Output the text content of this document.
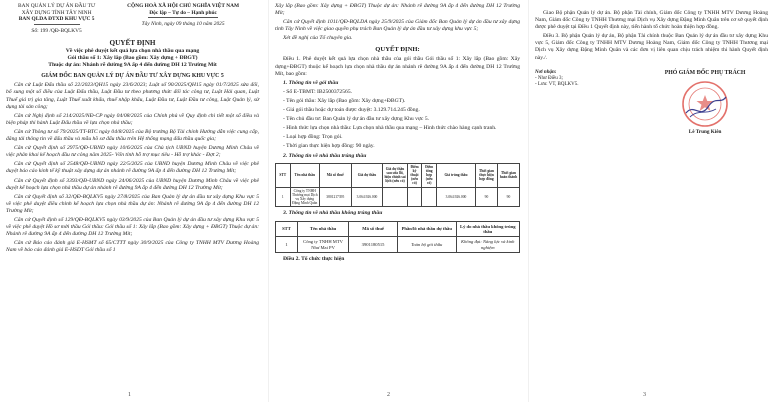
BAN QUẢN LÝ DỰ ÁN ĐẦU TƯ
XÂY DỰNG TỈNH TÂY NINH
BAN QLDA ĐTXD KHU VỰC 5
Số: 199 /QĐ-BQLKV5
CỘNG HOÀ XÃ HỘI CHỦ NGHĨA VIỆT NAM
Độc lập – Tự do – Hạnh phúc
Tây Ninh, ngày 09 tháng 10 năm 2025
QUYẾT ĐỊNH
Về việc phê duyệt kết quả lựa chọn nhà thầu qua mạng
Gói thầu số 1: Xây lắp (Bao gồm: Xây dựng + ĐBGT)
Thuộc dự án: Nhánh rẽ đường 9A ấp 4 đến đường DH 12 Trường Mít
GIÁM ĐỐC BAN QUẢN LÝ DỰ ÁN ĐẦU TƯ XÂY DỰNG KHU VỰC 5

Căn cứ Luật Đấu thầu số 22/2023/QH15 ngày 23/6/2023; Luật số 90/2025/QH15 ngày 01/7/2025 sửa đổi, bổ sung một số điều của Luật Đấu thầu, Luật Đầu tư theo phương thức đối tác công tư, Luật Hải quan, Luật Thuế giá trị gia tăng, Luật Thuế xuất khẩu, thuế nhập khẩu, Luật Đầu tư, Luật Đầu tư công, Luật Quản lý, sử dụng tài sản công;

Căn cứ Nghị định số 214/2025/NĐ-CP ngày 04/08/2025 của Chính phủ về Quy định chi tiết một số điều và biện pháp thi hành Luật Đấu thầu về lựa chọn nhà thầu;

Căn cứ Thông tư số 79/2025/TT-BTC ngày 04/8/2025 của Bộ trưởng Bộ Tài chính Hướng dẫn việc cung cấp, đăng tải thông tin về đấu thầu và mẫu hồ sơ đấu thầu trên Hệ thống mạng đấu thầu quốc gia;

Căn cứ Quyết định số 2975/QĐ-UBND ngày 10/6/2025 của Chủ tịch UBND huyện Dương Minh Châu về việc phân khai kế hoạch đầu tư công năm 2025- Vốn tỉnh hỗ trợ mục tiêu - Hỗ trợ khác - Đợt 2;

Căn cứ Quyết định số 2548/QĐ-UBND ngày 22/5/2025 của UBND huyện Dương Minh Châu về việc phê duyệt báo cáo kinh tế kỹ thuật xây dựng dự án nhánh rẽ đường 9A ấp 4 đến đường DH 12 Trường Mít;

Căn cứ Quyết định số 3393/QĐ-UBND ngày 24/06/2025 của UBND huyện Dương Minh Châu về việc phê duyệt kế hoạch lựa chọn nhà thầu dự án nhánh rẽ đường 9A ấp 4 đến đường DH 12 Trường Mít;

Căn cứ Quyết định số 32/QĐ-BQLKV5 ngày 27/8/2025 của Ban Quản lý dự án đầu tư xây dựng Khu vực 5 về việc phê duyệt điều chỉnh kế hoạch lựa chọn nhà thầu dự án: Nhánh rẽ đường 9A ấp 4 đến đường DH 12 Trường Mít;

Căn cứ Quyết định số 129/QĐ-BQLKV5 ngày 03/9/2025 của Ban Quản lý dự án đầu tư xây dựng Khu vực 5 về việc phê duyệt Hồ sơ mời thầu Gói thầu: Gói thầu số 1: Xây lắp (Bao gồm: Xây dựng + ĐBGT) Thuộc dự án: Nhánh rẽ đường 9A ấp 4 đến đường DH 12 Trường Mít;

Căn cứ Báo cáo đánh giá E-HSMT số 65/CTTT ngày 30/9/2025 của Công ty TNHH MTV Dương Hoàng Nam về báo cáo đánh giá E-HSDT Gói thầu số 1

1

Xây lắp (Bao gồm: Xây dựng + ĐBGT) Thuộc dự án: Nhánh rẽ đường 9A ấp 4 đến đường DH 12 Trường Mít;

Căn cứ Quyết định 1011/QĐ-BQLDA ngày 25/9/2025 của Giám đốc Ban Quản lý dự án đầu tư xây dựng tỉnh Tây Ninh về việc giao quyền phụ trách Ban Quản lý dự án đầu tư xây dựng khu vực 5;

Xét đề nghị của Tổ chuyên gia.

QUYẾT ĐỊNH:

Điều 1. Phê duyệt kết quả lựa chọn nhà thầu của gói thầu Gói thầu số 1: Xây lắp (Bao gồm: Xây dựng+ĐBGT) thuộc kế hoạch lựa chọn nhà thầu dự án nhánh rẽ đường 9A ấp 4 đến đường DH 12 Trường Mít, bao gồm:

1. Thông tin về gói thầu

- Số E-TBMT: IB2500372565.

- Tên gói thầu: Xây lắp (Bao gồm: Xây dựng+ĐBGT).

- Giá gói thầu hoặc dự toán được duyệt: 3.129.714.245 đồng.

- Tên chủ đầu tư: Ban Quản lý dự án đầu tư xây dựng Khu vực 5.

- Hình thức lựa chọn nhà thầu: Lựa chọn nhà thầu qua mạng – Hình thức chào hàng cạnh tranh.

- Loại hợp đồng: Trọn gói.

- Thời gian thực hiện hợp đồng: 90 ngày.

2. Thông tin về nhà thầu trúng thầu

STT	Tên nhà thầu	Mã số thuế	Giá dự thầu	Giá dự thầu sau sửa lỗi, hiệu chỉnh sai lệch (nếu có)	Điểm kỹ thuật (nếu có)	Điểm tổng hợp (nếu có)	Giá trúng thầu	Thời gian thực hiện hợp đồng	Thời gian hoàn thành
1	Công ty TNHH Thương mại Dịch vụ Xây dựng Đặng Minh Quân	3801217395	3.064.926.000				3.064.926.000	90	90

3. Thông tin về nhà thầu không trúng thầu

STT	Tên nhà thầu	Mã số thuế	Phần/lô nhà thầu dự thầu	Lý do nhà thầu không trúng thầu
1	Công ty TNHH MTV Như Mai PV	3901180515	Toàn bộ gói thầu	Không đạt: Năng lực và kinh nghiệm

Điều 2. Tổ chức thực hiện

2

Giao Bộ phận Quản lý dự án. Bộ phận Tài chính, Giám đốc Công ty TNHH MTV Dương Hoàng Nam, Giám đốc Công ty TNHH Thương mại Dịch vụ Xây dựng Đặng Minh Quân trên cơ sở quyết định được phê duyệt tại Điều 1 Quyết định này, tiến hành tổ chức hoàn thiện hợp đồng.

Điều 3. Bộ phận Quản lý dự án, Bộ phận Tài chính thuộc Ban Quản lý dự án đầu tư xây dựng Khu vực 5, Giám đốc Công ty TNHH MTV Dương Hoàng Nam, Giám đốc Công ty TNHH Thương mại Dịch vụ Xây dựng Đặng Minh Quân và các đơn vị liên quan chịu trách nhiệm thi hành Quyết định này./.

Nơi nhận:
- Như Điều 3;
- Lưu: VT, BQLKV5.
PHÓ GIÁM ĐỐC PHỤ TRÁCH
Lê Trung Kiên
3
